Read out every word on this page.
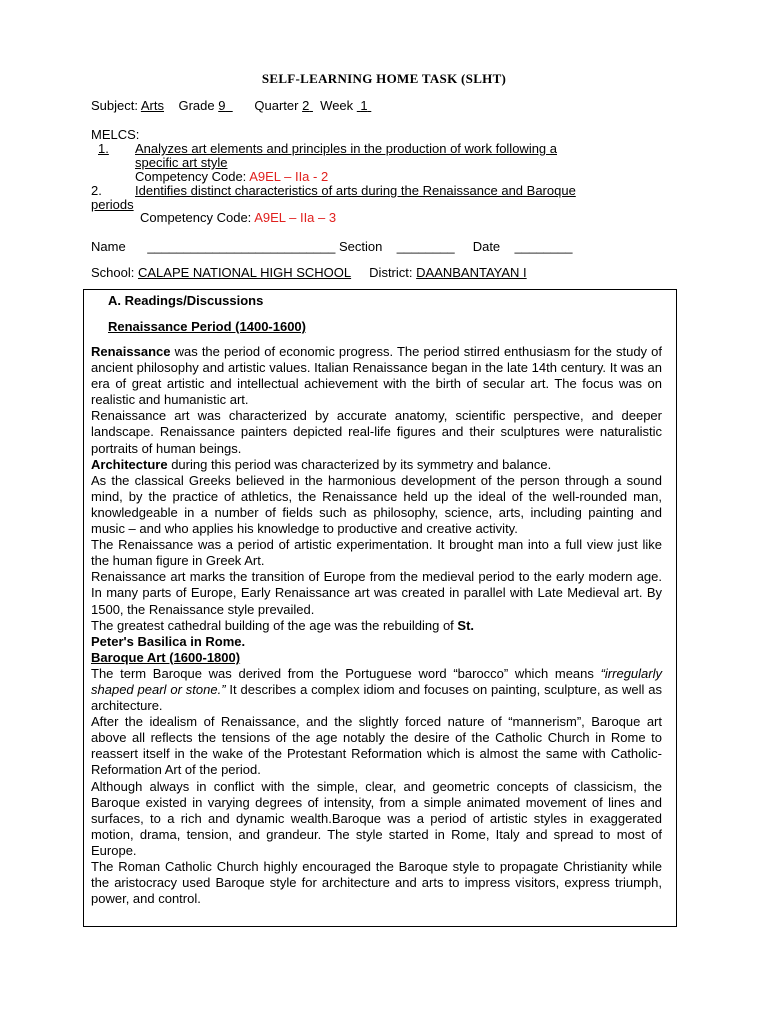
SELF-LEARNING HOME TASK (SLHT)
Subject: Arts Grade 9 Quarter 2 Week 1
MELCS:
1. Analyzes art elements and principles in the production of work following a
specific art style
Competency Code: A9EL – IIa - 2
2.	Identifies distinct characteristics of arts during the Renaissance and Baroque
periods
Competency Code: A9EL – IIa – 3
Name __________________________ Section ________ Date ________
School: CALAPE NATIONAL HIGH SCHOOL District: DAANBANTAYAN I
A. Readings/Discussions
Renaissance Period (1400-1600)

Renaissance was the period of economic progress. The period stirred enthusiasm for the study of ancient philosophy and artistic values. Italian Renaissance began in the late 14th century. It was an era of great artistic and intellectual achievement with the birth of secular art. The focus was on realistic and humanistic art.

Renaissance art was characterized by accurate anatomy, scientific perspective, and deeper landscape. Renaissance painters depicted real-life figures and their sculptures were naturalistic portraits of human beings.

Architecture during this period was characterized by its symmetry and balance.

As the classical Greeks believed in the harmonious development of the person through a sound mind, by the practice of athletics, the Renaissance held up the ideal of the well-rounded man, knowledgeable in a number of fields such as philosophy, science, arts, including painting and music – and who applies his knowledge to productive and creative activity.

The Renaissance was a period of artistic experimentation. It brought man into a full view just like the human figure in Greek Art.

Renaissance art marks the transition of Europe from the medieval period to the early modern age. In many parts of Europe, Early Renaissance art was created in parallel with Late Medieval art. By 1500, the Renaissance style prevailed.

The greatest cathedral building of the age was the rebuilding of St.

Peter's Basilica in Rome.

Baroque Art (1600-1800)

The term Baroque was derived from the Portuguese word “barocco” which means “irregularly shaped pearl or stone.” It describes a complex idiom and focuses on painting, sculpture, as well as architecture.

After the idealism of Renaissance, and the slightly forced nature of “mannerism”, Baroque art above all reflects the tensions of the age notably the desire of the Catholic Church in Rome to reassert itself in the wake of the Protestant Reformation which is almost the same with Catholic- Reformation Art of the period.

Although always in conflict with the simple, clear, and geometric concepts of classicism, the Baroque existed in varying degrees of intensity, from a simple animated movement of lines and surfaces, to a rich and dynamic wealth.Baroque was a period of artistic styles in exaggerated motion, drama, tension, and grandeur. The style started in Rome, Italy and spread to most of Europe.

The Roman Catholic Church highly encouraged the Baroque style to propagate Christianity while the aristocracy used Baroque style for architecture and arts to impress visitors, express triumph, power, and control.
